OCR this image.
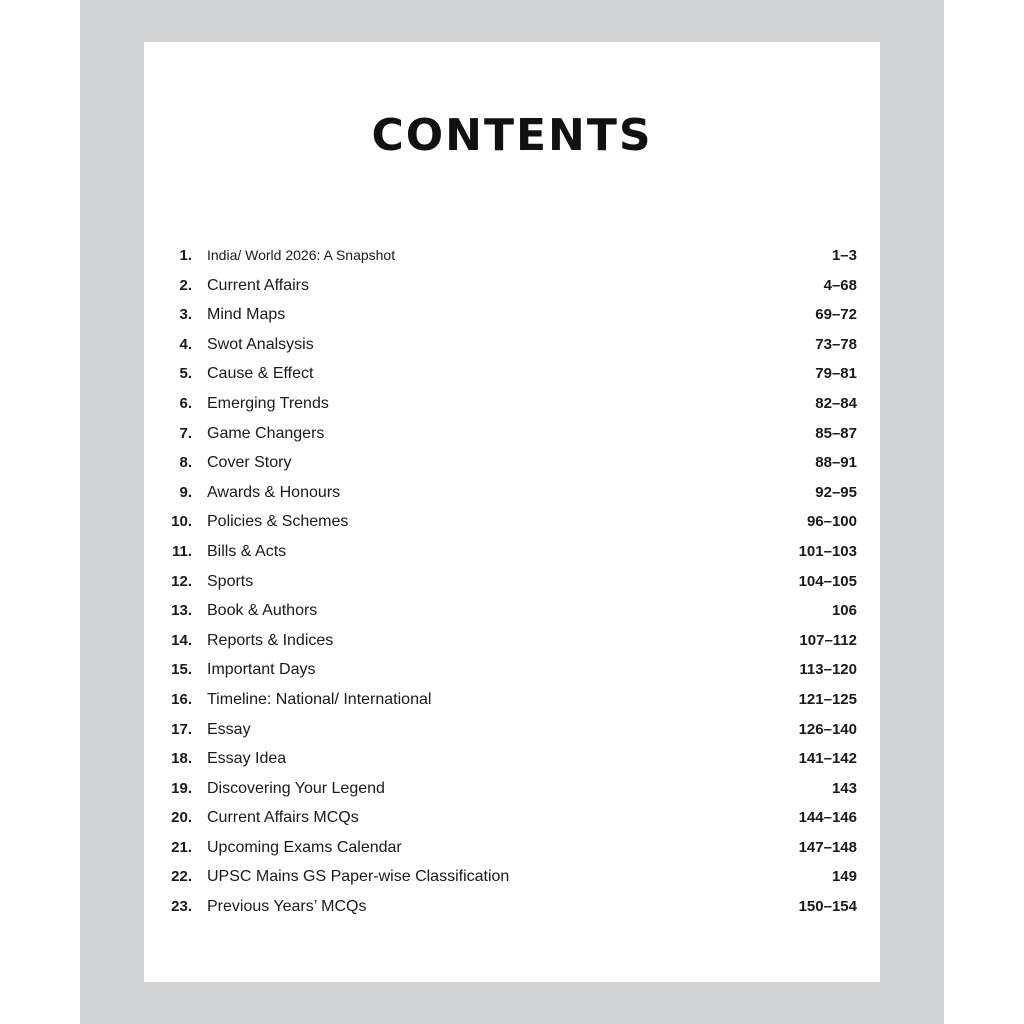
CONTENTS
1. India/ World 2026: A Snapshot	1–3
2. Current Affairs	4–68
3. Mind Maps	69–72
4. Swot Analsysis	73–78
5. Cause & Effect	79–81
6. Emerging Trends	82–84
7. Game Changers	85–87
8. Cover Story	88–91
9. Awards & Honours	92–95
10. Policies & Schemes	96–100
11. Bills & Acts	101–103
12. Sports	104–105
13. Book & Authors	106
14. Reports & Indices	107–112
15. Important Days	113–120
16. Timeline: National/ International	121–125
17. Essay	126–140
18. Essay Idea	141–142
19. Discovering Your Legend	143
20. Current Affairs MCQs	144–146
21. Upcoming Exams Calendar	147–148
22. UPSC Mains GS Paper-wise Classification	149
23. Previous Years’ MCQs	150–154
